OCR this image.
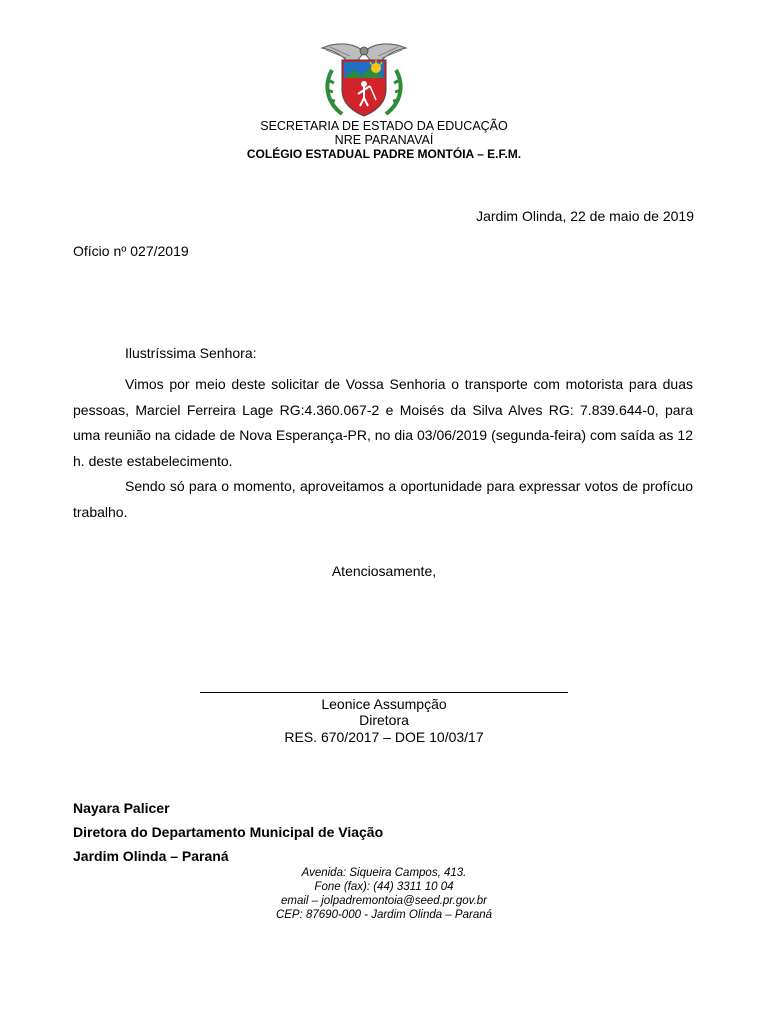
SECRETARIA DE ESTADO DA EDUCAÇÃO
NRE PARANAVAÍ
COLÉGIO ESTADUAL PADRE MONTÓIA – E.F.M.
Jardim Olinda, 22 de maio de 2019
Ofício nº 027/2019
Ilustríssima Senhora:

Vimos por meio deste solicitar de Vossa Senhoria o transporte com motorista para duas pessoas, Marciel Ferreira Lage RG:4.360.067-2 e Moisés da Silva Alves RG: 7.839.644-0, para uma reunião na cidade de Nova Esperança-PR, no dia 03/06/2019 (segunda-feira) com saída as 12 h. deste estabelecimento.

Sendo só para o momento, aproveitamos a oportunidade para expressar votos de profícuo trabalho.

Atenciosamente,
Leonice Assumpção
Diretora
RES. 670/2017 – DOE 10/03/17
Nayara Palicer
Diretora do Departamento Municipal de Viação
Jardim Olinda – Paraná
Avenida: Siqueira Campos, 413.
Fone (fax): (44) 3311 10 04
email – jolpadremontoia@seed.pr.gov.br
CEP: 87690-000 - Jardim Olinda – Paraná
